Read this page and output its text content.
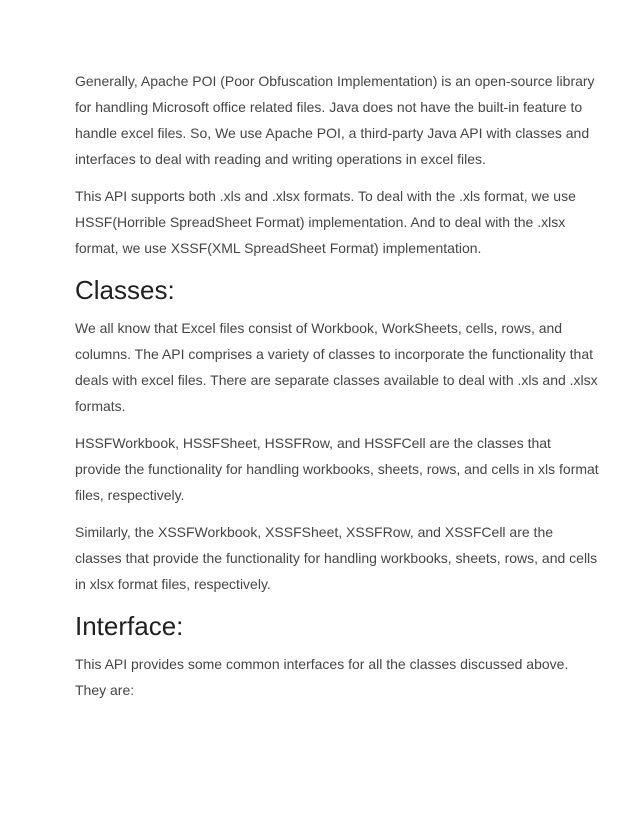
Generally, Apache POI (Poor Obfuscation Implementation) is an open-source library
for handling Microsoft office related files. Java does not have the built-in feature to
handle excel files. So, We use Apache POI, a third-party Java API with classes and
interfaces to deal with reading and writing operations in excel files.

This API supports both .xls and .xlsx formats. To deal with the .xls format, we use
HSSF(Horrible SpreadSheet Format) implementation. And to deal with the .xlsx
format, we use XSSF(XML SpreadSheet Format) implementation.

Classes:

We all know that Excel files consist of Workbook, WorkSheets, cells, rows, and
columns. The API comprises a variety of classes to incorporate the functionality that
deals with excel files. There are separate classes available to deal with .xls and .xlsx
formats.

HSSFWorkbook, HSSFSheet, HSSFRow, and HSSFCell are the classes that
provide the functionality for handling workbooks, sheets, rows, and cells in xls format
files, respectively.

Similarly, the XSSFWorkbook, XSSFSheet, XSSFRow, and XSSFCell are the
classes that provide the functionality for handling workbooks, sheets, rows, and cells
in xlsx format files, respectively.

Interface:

This API provides some common interfaces for all the classes discussed above.
They are:
